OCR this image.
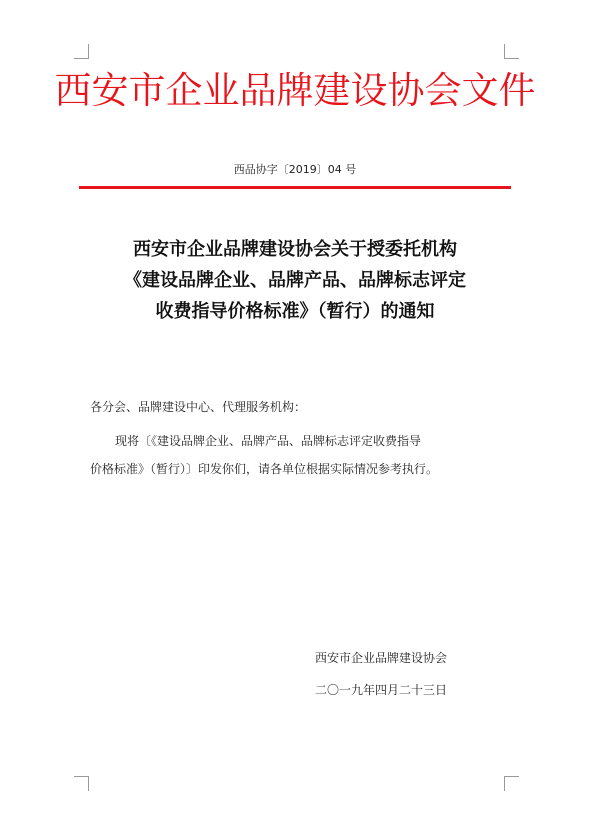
西安市企业品牌建设协会文件
西品协字〔2019〕04 号
西安市企业品牌建设协会关于授委托机构
《建设品牌企业、品牌产品、品牌标志评定
收费指导价格标准》（暂行）的通知
各分会、品牌建设中心、代理服务机构：
现将〔《建设品牌企业、品牌产品、品牌标志评定收费指导
价格标准》（暂行）〕印发你们，请各单位根据实际情况参考执行。
西安市企业品牌建设协会
二〇一九年四月二十三日
